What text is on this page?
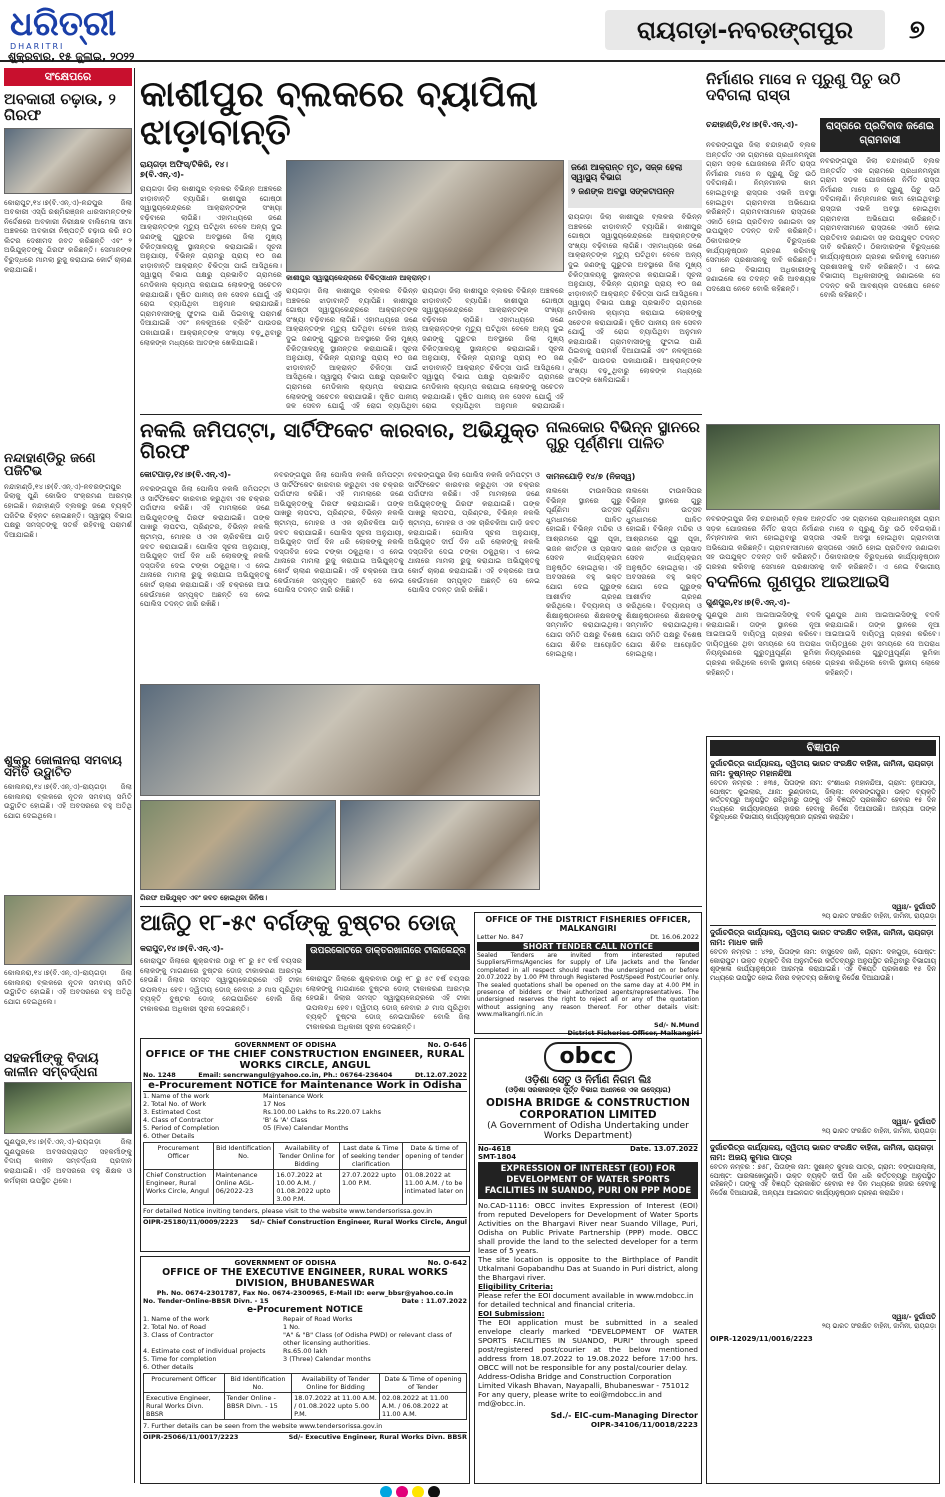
ଧରିତ୍ରୀ
DHARITRI
ଶୁକ୍ରବାର, ୧୫ ଜୁଲାଇ, ୨୦୨୨
ରାୟଗଡ଼ା-ନବରଙ୍ଗପୁର	୭
ସଂକ୍ଷେପରେ
ଅବକାରୀ ଚଢ଼ାଉ, ୨ ଗିରଫ
କୋରାପୁଟ,୧୪।୭(ବି.ଏନ୍.ଏ)-ନନ୍ଦପୁର ଜିଲା ଅବକାରୀ ଏସ୍‌ପି ରଶ୍ମିରଞ୍ଜନ ଧାରସାମନ୍ତଙ୍କ ନିର୍ଦ୍ଦେଶରେ ଅବକାରୀ ନିରୀକ୍ଷକ ବାଲିମେଳା ସୀମା ଅଞ୍ଚଳରେ ଅବକାରୀ ନିଷ୍ପତ୍ତି ଚଢ଼ାଉ କରି ୫୦ ଲିଟର ଦେଶୀମଦ ଜବତ କରିଛନ୍ତି ଏବଂ ୨ ଅଭିଯୁକ୍ତଙ୍କୁ ଗିରଫ କରିଛନ୍ତି। ସେମାନଙ୍କ ବିରୁଦ୍ଧରେ ମାମଲା ରୁଜୁ କରାଯାଇ କୋର୍ଟ ଚାଲାଣ କରାଯାଇଛି।
ନନ୍ଦାହାଣ୍ଡିରୁ ଜଣେ ପଜିଟିଭ
ନନ୍ଦାହାଣ୍ଡି,୧୪।୭(ବି.ଏନ୍.ଏ)-ନବରଙ୍ଗପୁର ଜିଲାକୁ ପୁଣି କୋଭିଡ ସଂକ୍ରମଣ ଆରମ୍ଭ ହୋଇଛି। ନନ୍ଦାହାଣ୍ଡି ବ୍ଲକରୁ ଜଣେ ବ୍ୟକ୍ତି ପଜିଟିଭ ଚିହ୍ନଟ ହୋଇଛନ୍ତି। ସ୍ୱାସ୍ଥ୍ୟ ବିଭାଗ ପକ୍ଷରୁ ସମସ୍ତଙ୍କୁ ସତର୍କ ରହିବାକୁ ପରାମର୍ଶ ଦିଆଯାଇଛି।
ଶୁକ୍ରୁ ଜୋଳାନରା ସମବାୟ ସମିତି ଉଦ୍ଘାଟିତ
କୋଲନରା,୧୪।୭(ବି.ଏନ୍.ଏ)-ରାୟଗଡ଼ା ଜିଲା କୋଲନରା ବ୍ଲକରେ ନୂତନ ସମବାୟ ସମିତି ଉଦ୍ଘାଟିତ ହୋଇଛି। ଏହି ଅବସରରେ ବହୁ ଅତିଥି ଯୋଗ ଦେଇଥିଲେ।
କୋଲନରା,୧୪।୭(ବି.ଏନ୍.ଏ)-ରାୟଗଡ଼ା ଜିଲା କୋଲନରା ବ୍ଲକରେ ନୂତନ ସମବାୟ ସମିତି ଉଦ୍ଘାଟିତ ହୋଇଛି। ଏହି ଅବସରରେ ବହୁ ଅତିଥି ଯୋଗ ଦେଇଥିଲେ।
ସହକର୍ମୀଙ୍କୁ ବିଦାୟ କାଳୀନ ସମ୍ବର୍ଦ୍ଧନା
ଗୁଣପୁର,୧୪।୭(ବି.ଏନ୍.ଏ)-ରାୟଗଡ଼ା ଜିଲା ଗୁଣପୁରରେ ଅବସରପ୍ରାପ୍ତ ସହକର୍ମୀଙ୍କୁ ବିଦାୟ କାଳୀନ ସମ୍ବର୍ଦ୍ଧନା ପ୍ରଦାନ କରାଯାଇଛି। ଏହି ଅବସରରେ ବହୁ ଶିକ୍ଷକ ଓ କର୍ମଚାରୀ ଉପସ୍ଥିତ ଥିଲେ।
କାଶୀପୁର ବ୍ଲକରେ ବ୍ୟାପିଲା ଝାଡ଼ାବାନ୍ତି
ରାୟଗଡ଼ା ଅଫିସ୍/ଟିକିରି, ୧୪।୭(ବି.ଏନ୍.ଏ)-
ରାୟଗଡ଼ା ଜିଲା କାଶୀପୁର ବ୍ଲକର ବିଭିନ୍ନ ଅଞ୍ଚଳରେ ଝାଡ଼ାବାନ୍ତି ବ୍ୟାପିଛି। କାଶୀପୁର ଗୋଷ୍ଠୀ ସ୍ୱାସ୍ଥ୍ୟକେନ୍ଦ୍ରରେ ଆକ୍ରାନ୍ତଙ୍କ ସଂଖ୍ୟା ବଢ଼ିବାରେ ଲାଗିଛି। ଏହାମଧ୍ୟରେ ଜଣେ ଆକ୍ରାନ୍ତଙ୍କ ମୃତ୍ୟୁ ଘଟିଥିବା ବେଳେ ଅନ୍ୟ ଦୁଇ ଜଣଙ୍କୁ ଗୁରୁତର ଅବସ୍ଥାରେ ଜିଲା ମୁଖ୍ୟ ଚିକିତ୍ସାଳୟକୁ ସ୍ଥାନାନ୍ତର କରାଯାଇଛି। ସୂଚନା ଅନୁଯାୟୀ, ବିଭିନ୍ନ ଗ୍ରାମରୁ ପ୍ରାୟ ୧୦ ଜଣ ଝାଡ଼ାବାନ୍ତି ଆକ୍ରାନ୍ତ ଚିକିତ୍ସା ପାଇଁ ଆସିଥିଲେ। ସ୍ୱାସ୍ଥ୍ୟ ବିଭାଗ ପକ୍ଷରୁ ପ୍ରଭାବିତ ଗ୍ରାମରେ ମେଡିକାଲ କ୍ୟାମ୍ପ କରାଯାଇ ଲୋକଙ୍କୁ ସଚେତନ କରାଯାଉଛି। ଦୂଷିତ ପାନୀୟ ଜଳ ସେବନ ଯୋଗୁଁ ଏହି ରୋଗ ବ୍ୟାପିଥିବା ଅନୁମାନ କରାଯାଉଛି। ଗ୍ରାମବାସୀଙ୍କୁ ଫୁଟାଇ ପାଣି ପିଇବାକୁ ପରାମର୍ଶ ଦିଆଯାଇଛି ଏବଂ ନଳକୂଅରେ ବ୍ଲିଚିଂ ପାଉଡର ପକାଯାଉଛି। ଆକ୍ରାନ୍ତଙ୍କ ସଂଖ୍ୟା ବଢ଼ୁଥିବାରୁ ଲୋକଙ୍କ ମଧ୍ୟରେ ଆତଙ୍କ ଖେଳିଯାଇଛି।
କାଶୀପୁର ସ୍ୱାସ୍ଥ୍ୟକେନ୍ଦ୍ରରେ ଚିକିତ୍ସାଧୀନ ଆକ୍ରାନ୍ତ।
ଜଣେ ଆକ୍ରାନ୍ତ ମୃତ, ସଜ୍ଜ ହେଲା ସ୍ୱାସ୍ଥ୍ୟ ବିଭାଗ
୨ ଜଣଙ୍କ ଅବସ୍ଥା ସଙ୍କଟାପନ୍ନ
ରାୟଗଡ଼ା ଜିଲା କାଶୀପୁର ବ୍ଲକର ବିଭିନ୍ନ ଅଞ୍ଚଳରେ ଝାଡ଼ାବାନ୍ତି ବ୍ୟାପିଛି। କାଶୀପୁର ଗୋଷ୍ଠୀ ସ୍ୱାସ୍ଥ୍ୟକେନ୍ଦ୍ରରେ ଆକ୍ରାନ୍ତଙ୍କ ସଂଖ୍ୟା ବଢ଼ିବାରେ ଲାଗିଛି। ଏହାମଧ୍ୟରେ ଜଣେ ଆକ୍ରାନ୍ତଙ୍କ ମୃତ୍ୟୁ ଘଟିଥିବା ବେଳେ ଅନ୍ୟ ଦୁଇ ଜଣଙ୍କୁ ଗୁରୁତର ଅବସ୍ଥାରେ ଜିଲା ମୁଖ୍ୟ ଚିକିତ୍ସାଳୟକୁ ସ୍ଥାନାନ୍ତର କରାଯାଇଛି। ସୂଚନା ଅନୁଯାୟୀ, ବିଭିନ୍ନ ଗ୍ରାମରୁ ପ୍ରାୟ ୧୦ ଜଣ ଝାଡ଼ାବାନ୍ତି ଆକ୍ରାନ୍ତ ଚିକିତ୍ସା ପାଇଁ ଆସିଥିଲେ। ସ୍ୱାସ୍ଥ୍ୟ ବିଭାଗ ପକ୍ଷରୁ ପ୍ରଭାବିତ ଗ୍ରାମରେ ମେଡିକାଲ କ୍ୟାମ୍ପ କରାଯାଇ ଲୋକଙ୍କୁ ସଚେତନ କରାଯାଉଛି। ଦୂଷିତ ପାନୀୟ ଜଳ ସେବନ ଯୋଗୁଁ ଏହି ରୋଗ ବ୍ୟାପିଥିବା
ରାୟଗଡ଼ା ଜିଲା କାଶୀପୁର ବ୍ଲକର ବିଭିନ୍ନ ଅଞ୍ଚଳରେ ଝାଡ଼ାବାନ୍ତି ବ୍ୟାପିଛି। କାଶୀପୁର ଗୋଷ୍ଠୀ ସ୍ୱାସ୍ଥ୍ୟକେନ୍ଦ୍ରରେ ଆକ୍ରାନ୍ତଙ୍କ ସଂଖ୍ୟା ବଢ଼ିବାରେ ଲାଗିଛି। ଏହାମଧ୍ୟରେ ଜଣେ ଆକ୍ରାନ୍ତଙ୍କ ମୃତ୍ୟୁ ଘଟିଥିବା ବେଳେ ଅନ୍ୟ ଦୁଇ ଜଣଙ୍କୁ ଗୁରୁତର ଅବସ୍ଥାରେ ଜିଲା ମୁଖ୍ୟ ଚିକିତ୍ସାଳୟକୁ ସ୍ଥାନାନ୍ତର କରାଯାଇଛି। ସୂଚନା ଅନୁଯାୟୀ, ବିଭିନ୍ନ ଗ୍ରାମରୁ ପ୍ରାୟ ୧୦ ଜଣ ଝାଡ଼ାବାନ୍ତି ଆକ୍ରାନ୍ତ ଚିକିତ୍ସା ପାଇଁ ଆସିଥିଲେ। ସ୍ୱାସ୍ଥ୍ୟ ବିଭାଗ ପକ୍ଷରୁ ପ୍ରଭାବିତ ଗ୍ରାମରେ ମେଡିକାଲ କ୍ୟାମ୍ପ କରାଯାଇ ଲୋକଙ୍କୁ ସଚେତନ କରାଯାଉଛି। ଦୂଷିତ ପାନୀୟ ଜଳ ସେବନ ଯୋଗୁଁ ଏହି ରୋଗ ବ୍ୟାପିଥିବା ଅନୁମାନ କରାଯାଉଛି।
ରାୟଗଡ଼ା ଜିଲା କାଶୀପୁର ବ୍ଲକର ବିଭିନ୍ନ ଅଞ୍ଚଳରେ ଝାଡ଼ାବାନ୍ତି ବ୍ୟାପିଛି। କାଶୀପୁର ଗୋଷ୍ଠୀ ସ୍ୱାସ୍ଥ୍ୟକେନ୍ଦ୍ରରେ ଆକ୍ରାନ୍ତଙ୍କ ସଂଖ୍ୟା ବଢ଼ିବାରେ ଲାଗିଛି। ଏହାମଧ୍ୟରେ ଜଣେ ଆକ୍ରାନ୍ତଙ୍କ ମୃତ୍ୟୁ ଘଟିଥିବା ବେଳେ ଅନ୍ୟ ଦୁଇ ଜଣଙ୍କୁ ଗୁରୁତର ଅବସ୍ଥାରେ ଜିଲା ମୁଖ୍ୟ ଚିକିତ୍ସାଳୟକୁ ସ୍ଥାନାନ୍ତର କରାଯାଇଛି। ସୂଚନା ଅନୁଯାୟୀ, ବିଭିନ୍ନ ଗ୍ରାମରୁ ପ୍ରାୟ ୧୦ ଜଣ ଝାଡ଼ାବାନ୍ତି ଆକ୍ରାନ୍ତ ଚିକିତ୍ସା ପାଇଁ ଆସିଥିଲେ। ସ୍ୱାସ୍ଥ୍ୟ ବିଭାଗ ପକ୍ଷରୁ ପ୍ରଭାବିତ ଗ୍ରାମରେ ମେଡିକାଲ କ୍ୟାମ୍ପ କରାଯାଇ ଲୋକଙ୍କୁ ସଚେତନ କରାଯାଉଛି। ଦୂଷିତ ପାନୀୟ ଜଳ ସେବନ ଯୋଗୁଁ ଏହି ରୋଗ ବ୍ୟାପିଥିବା ଅନୁମାନ କରାଯାଉଛି। ଗ୍ରାମବାସୀଙ୍କୁ ଫୁଟାଇ ପାଣି ପିଇବାକୁ ପରାମର୍ଶ ଦିଆଯାଇଛି ଏବଂ ନଳକୂଅରେ ବ୍ଲିଚିଂ ପାଉଡର ପକାଯାଉଛି। ଆକ୍ରାନ୍ତଙ୍କ ସଂଖ୍ୟା ବଢ଼ୁଥିବାରୁ ଲୋକଙ୍କ ମଧ୍ୟରେ ଆତଙ୍କ ଖେଳିଯାଇଛି।
ନିର୍ମାଣର ମାସେ ନ ପୂରୁଣୁ ପିଚୁ ଉଠି ଦବିଗଲା ରାସ୍ତା
ଚନ୍ଦାହାଣ୍ଡି,୧୪।୭(ବି.ଏନ୍.ଏ)-	ରାସ୍ତାରେ ପ୍ରତିବାଦ ଜଣେଇ ଗ୍ରାମବାସୀ
ନବରଙ୍ଗପୁର ଜିଲା ଚନ୍ଦାହାଣ୍ଡି ବ୍ଲକ ଅନ୍ତର୍ଗତ ଏକ ଗ୍ରାମରେ ପ୍ରଧାନମନ୍ତ୍ରୀ ଗ୍ରାମ ସଡ଼କ ଯୋଜନାରେ ନିର୍ମିତ ରାସ୍ତା ନିର୍ମାଣର ମାସେ ନ ପୂରୁଣୁ ପିଚୁ ଉଠି ଦବିଗଲାଣି। ନିମ୍ନମାନର କାମ ହୋଇଥିବାରୁ ରାସ୍ତାର ଏଭଳି ଅବସ୍ଥା ହୋଇଥିବା ଗ୍ରାମବାସୀ ଅଭିଯୋଗ କରିଛନ୍ତି। ଗ୍ରାମବାସୀମାନେ ରାସ୍ତାରେ ଏକାଠି ହୋଇ ପ୍ରତିବାଦ ଜଣାଇବା ସହ ଉପଯୁକ୍ତ ତଦନ୍ତ ଦାବି କରିଛନ୍ତି। ଠିକାଦାରଙ୍କ ବିରୁଦ୍ଧରେ କାର୍ଯ୍ୟାନୁଷ୍ଠାନ ଗ୍ରହଣ କରିବାକୁ ସେମାନେ ପ୍ରଶାସନକୁ ଦାବି କରିଛନ୍ତି। ଏ ନେଇ ବିଭାଗୀୟ ଅଧିକାରୀଙ୍କୁ ଜଣାଇଲେ ସେ ତଦନ୍ତ କରି ଆବଶ୍ୟକ ପଦକ୍ଷେପ ନେବେ ବୋଲି କହିଛନ୍ତି।
ନବରଙ୍ଗପୁର ଜିଲା ଚନ୍ଦାହାଣ୍ଡି ବ୍ଲକ ଅନ୍ତର୍ଗତ ଏକ ଗ୍ରାମରେ ପ୍ରଧାନମନ୍ତ୍ରୀ ଗ୍ରାମ ସଡ଼କ ଯୋଜନାରେ ନିର୍ମିତ ରାସ୍ତା ନିର୍ମାଣର ମାସେ ନ ପୂରୁଣୁ ପିଚୁ ଉଠି ଦବିଗଲାଣି। ନିମ୍ନମାନର କାମ ହୋଇଥିବାରୁ ରାସ୍ତାର ଏଭଳି ଅବସ୍ଥା ହୋଇଥିବା ଗ୍ରାମବାସୀ ଅଭିଯୋଗ କରିଛନ୍ତି। ଗ୍ରାମବାସୀମାନେ ରାସ୍ତାରେ ଏକାଠି ହୋଇ ପ୍ରତିବାଦ ଜଣାଇବା ସହ ଉପଯୁକ୍ତ ତଦନ୍ତ ଦାବି କରିଛନ୍ତି। ଠିକାଦାରଙ୍କ ବିରୁଦ୍ଧରେ କାର୍ଯ୍ୟାନୁଷ୍ଠାନ ଗ୍ରହଣ କରିବାକୁ ସେମାନେ ପ୍ରଶାସନକୁ ଦାବି କରିଛନ୍ତି। ଏ ନେଇ ବିଭାଗୀୟ ଅଧିକାରୀଙ୍କୁ ଜଣାଇଲେ ସେ ତଦନ୍ତ କରି ଆବଶ୍ୟକ ପଦକ୍ଷେପ ନେବେ ବୋଲି କହିଛନ୍ତି।
ନକଲି ଜମିପଟ୍ଟା, ସାର୍ଟିଫିକେଟ କାରବାର, ଅଭିଯୁକ୍ତ ଗିରଫ
କୋଟପାଡ଼,୧୪।୭(ବି.ଏନ୍.ଏ)-
ନବରଙ୍ଗପୁର ଜିଲା ପୋଲିସ ନକଲି ଜମିପଟ୍ଟା ଓ ସାର୍ଟିଫିକେଟ କାରବାର କରୁଥିବା ଏକ ଚକ୍ରର ପର୍ଦ୍ଦାଫାସ କରିଛି। ଏହି ମାମଲାରେ ଜଣେ ଅଭିଯୁକ୍ତଙ୍କୁ ଗିରଫ କରାଯାଇଛି। ତାଙ୍କ ପାଖରୁ ଲାପଟପ, ପ୍ରିଣ୍ଟର, ବିଭିନ୍ନ ନକଲି ଷ୍ଟାମ୍ପ, ମୋହର ଓ ଏକ ଚାରିଚକିଆ ଗାଡ଼ି ଜବତ କରାଯାଇଛି। ପୋଲିସ ସୂଚନା ଅନୁଯାୟୀ, ଅଭିଯୁକ୍ତ ଦୀର୍ଘ ଦିନ ଧରି ଲୋକଙ୍କୁ ନକଲି ଦସ୍ତାବିଜ ଦେଇ ଟଙ୍କା ଠକୁଥିଲା। ଏ ନେଇ ଥାନାରେ ମାମଲା ରୁଜୁ କରାଯାଇ ଅଭିଯୁକ୍ତକୁ କୋର୍ଟ ଚାଲାଣ କରାଯାଇଛି। ଏହି ଚକ୍ରରେ ଆଉ କେଉଁମାନେ ସମ୍ପୃକ୍ତ ଅଛନ୍ତି ସେ ନେଇ ପୋଲିସ ତଦନ୍ତ ଜାରି ରଖିଛି।
ନବରଙ୍ଗପୁର ଜିଲା ପୋଲିସ ନକଲି ଜମିପଟ୍ଟା ଓ ସାର୍ଟିଫିକେଟ କାରବାର କରୁଥିବା ଏକ ଚକ୍ରର ପର୍ଦ୍ଦାଫାସ କରିଛି। ଏହି ମାମଲାରେ ଜଣେ ଅଭିଯୁକ୍ତଙ୍କୁ ଗିରଫ କରାଯାଇଛି। ତାଙ୍କ ପାଖରୁ ଲାପଟପ, ପ୍ରିଣ୍ଟର, ବିଭିନ୍ନ ନକଲି ଷ୍ଟାମ୍ପ, ମୋହର ଓ ଏକ ଚାରିଚକିଆ ଗାଡ଼ି ଜବତ କରାଯାଇଛି। ପୋଲିସ ସୂଚନା ଅନୁଯାୟୀ, ଅଭିଯୁକ୍ତ ଦୀର୍ଘ ଦିନ ଧରି ଲୋକଙ୍କୁ ନକଲି ଦସ୍ତାବିଜ ଦେଇ ଟଙ୍କା ଠକୁଥିଲା। ଏ ନେଇ ଥାନାରେ ମାମଲା ରୁଜୁ କରାଯାଇ ଅଭିଯୁକ୍ତକୁ କୋର୍ଟ ଚାଲାଣ କରାଯାଇଛି। ଏହି ଚକ୍ରରେ ଆଉ କେଉଁମାନେ ସମ୍ପୃକ୍ତ ଅଛନ୍ତି ସେ ନେଇ ପୋଲିସ ତଦନ୍ତ ଜାରି ରଖିଛି।
ନବରଙ୍ଗପୁର ଜିଲା ପୋଲିସ ନକଲି ଜମିପଟ୍ଟା ଓ ସାର୍ଟିଫିକେଟ କାରବାର କରୁଥିବା ଏକ ଚକ୍ରର ପର୍ଦ୍ଦାଫାସ କରିଛି। ଏହି ମାମଲାରେ ଜଣେ ଅଭିଯୁକ୍ତଙ୍କୁ ଗିରଫ କରାଯାଇଛି। ତାଙ୍କ ପାଖରୁ ଲାପଟପ, ପ୍ରିଣ୍ଟର, ବିଭିନ୍ନ ନକଲି ଷ୍ଟାମ୍ପ, ମୋହର ଓ ଏକ ଚାରିଚକିଆ ଗାଡ଼ି ଜବତ କରାଯାଇଛି। ପୋଲିସ ସୂଚନା ଅନୁଯାୟୀ, ଅଭିଯୁକ୍ତ ଦୀର୍ଘ ଦିନ ଧରି ଲୋକଙ୍କୁ ନକଲି ଦସ୍ତାବିଜ ଦେଇ ଟଙ୍କା ଠକୁଥିଲା। ଏ ନେଇ ଥାନାରେ ମାମଲା ରୁଜୁ କରାଯାଇ ଅଭିଯୁକ୍ତକୁ କୋର୍ଟ ଚାଲାଣ କରାଯାଇଛି। ଏହି ଚକ୍ରରେ ଆଉ କେଉଁମାନେ ସମ୍ପୃକ୍ତ ଅଛନ୍ତି ସେ ନେଇ ପୋଲିସ ତଦନ୍ତ ଜାରି ରଖିଛି।
ଗିରଫ ଅଭିଯୁକ୍ତ ଏବଂ ଜବତ ହୋଇଥିବା ଜିନିଷ।
ନାଲକୋର ବିଭିନ୍ନ ସ୍ଥାନରେ ଗୁରୁ ପୂର୍ଣ୍ଣିମା ପାଳିତ
ଦାମନଯୋଡ଼ି ୧୪/୭ (ନିଜସ୍ୱ)
ନାଲକୋ ଟାଉନସିପର ବିଭିନ୍ନ ସ୍ଥାନରେ ଗୁରୁ ପୂର୍ଣ୍ଣିମା ଉତ୍ସବ ଧୁମଧାମରେ ପାଳିତ ହୋଇଛି। ବିଭିନ୍ନ ମନ୍ଦିର ଓ ଆଶ୍ରମରେ ଗୁରୁ ପୂଜା, ଭଜନ କୀର୍ତ୍ତନ ଓ ପ୍ରସାଦ ସେବନ କାର୍ଯ୍ୟକ୍ରମ ଅନୁଷ୍ଠିତ ହୋଇଥିଲା। ଏହି ଅବସରରେ ବହୁ ଭକ୍ତ ଯୋଗ ଦେଇ ଗୁରୁଙ୍କ ଆଶୀର୍ବାଦ ଗ୍ରହଣ କରିଥିଲେ। ବିଦ୍ୟାଳୟ ଓ ଶିକ୍ଷାନୁଷ୍ଠାନରେ ଶିକ୍ଷକଙ୍କୁ ସମ୍ମାନିତ କରାଯାଇଥିଲା। ଯୋଗ ସମିତି ପକ୍ଷରୁ ବିଶେଷ ଯୋଗ ଶିବିର ଆୟୋଜିତ ହୋଇଥିଲା।
ନାଲକୋ ଟାଉନସିପର ବିଭିନ୍ନ ସ୍ଥାନରେ ଗୁରୁ ପୂର୍ଣ୍ଣିମା ଉତ୍ସବ ଧୁମଧାମରେ ପାଳିତ ହୋଇଛି। ବିଭିନ୍ନ ମନ୍ଦିର ଓ ଆଶ୍ରମରେ ଗୁରୁ ପୂଜା, ଭଜନ କୀର୍ତ୍ତନ ଓ ପ୍ରସାଦ ସେବନ କାର୍ଯ୍ୟକ୍ରମ ଅନୁଷ୍ଠିତ ହୋଇଥିଲା। ଏହି ଅବସରରେ ବହୁ ଭକ୍ତ ଯୋଗ ଦେଇ ଗୁରୁଙ୍କ ଆଶୀର୍ବାଦ ଗ୍ରହଣ କରିଥିଲେ। ବିଦ୍ୟାଳୟ ଓ ଶିକ୍ଷାନୁଷ୍ଠାନରେ ଶିକ୍ଷକଙ୍କୁ ସମ୍ମାନିତ କରାଯାଇଥିଲା। ଯୋଗ ସମିତି ପକ୍ଷରୁ ବିଶେଷ ଯୋଗ ଶିବିର ଆୟୋଜିତ ହୋଇଥିଲା।
ନବରଙ୍ଗପୁର ଜିଲା ଚନ୍ଦାହାଣ୍ଡି ବ୍ଲକ ଅନ୍ତର୍ଗତ ଏକ ଗ୍ରାମରେ ପ୍ରଧାନମନ୍ତ୍ରୀ ଗ୍ରାମ ସଡ଼କ ଯୋଜନାରେ ନିର୍ମିତ ରାସ୍ତା ନିର୍ମାଣର ମାସେ ନ ପୂରୁଣୁ ପିଚୁ ଉଠି ଦବିଗଲାଣି। ନିମ୍ନମାନର କାମ ହୋଇଥିବାରୁ ରାସ୍ତାର ଏଭଳି ଅବସ୍ଥା ହୋଇଥିବା ଗ୍ରାମବାସୀ ଅଭିଯୋଗ କରିଛନ୍ତି। ଗ୍ରାମବାସୀମାନେ ରାସ୍ତାରେ ଏକାଠି ହୋଇ ପ୍ରତିବାଦ ଜଣାଇବା ସହ ଉପଯୁକ୍ତ ତଦନ୍ତ ଦାବି କରିଛନ୍ତି। ଠିକାଦାରଙ୍କ ବିରୁଦ୍ଧରେ କାର୍ଯ୍ୟାନୁଷ୍ଠାନ ଗ୍ରହଣ କରିବାକୁ ସେମାନେ ପ୍ରଶାସନକୁ ଦାବି କରିଛନ୍ତି। ଏ ନେଇ ବିଭାଗୀୟ
ବଦଳିଲେ ଗୁଣପୁର ଆଇଆଇସି
ଗୁଣପୁର,୧୪।୭(ବି.ଏନ୍.ଏ)-
ଗୁଣପୁର ଥାନା ଆଇଆଇସିଙ୍କୁ ବଦଳି କରାଯାଇଛି। ତାଙ୍କ ସ୍ଥାନରେ ନୂଆ ଆଇଆଇସି ଦାୟିତ୍ୱ ଗ୍ରହଣ କରିବେ। ଦାୟିତ୍ୱରେ ଥିବା ସମୟରେ ସେ ଅପରାଧ ନିୟନ୍ତ୍ରଣରେ ଗୁରୁତ୍ୱପୂର୍ଣ୍ଣ ଭୂମିକା ଗ୍ରହଣ କରିଥିଲେ ବୋଲି ସ୍ଥାନୀୟ ଲୋକେ କହିଛନ୍ତି।
ଗୁଣପୁର ଥାନା ଆଇଆଇସିଙ୍କୁ ବଦଳି କରାଯାଇଛି। ତାଙ୍କ ସ୍ଥାନରେ ନୂଆ ଆଇଆଇସି ଦାୟିତ୍ୱ ଗ୍ରହଣ କରିବେ। ଦାୟିତ୍ୱରେ ଥିବା ସମୟରେ ସେ ଅପରାଧ ନିୟନ୍ତ୍ରଣରେ ଗୁରୁତ୍ୱପୂର୍ଣ୍ଣ ଭୂମିକା ଗ୍ରହଣ କରିଥିଲେ ବୋଲି ସ୍ଥାନୀୟ ଲୋକେ କହିଛନ୍ତି।
ଆଜିଠୁ ୧୮-୫୯ ବର୍ଗଙ୍କୁ ବୁଷ୍ଟର ଡୋଜ୍
କରାପୁଟ,୧୪।୭(ବି.ଏନ୍.ଏ)-
କୋରାପୁଟ ଜିଲାରେ ଶୁକ୍ରବାର ଠାରୁ ୧୮ ରୁ ୫୯ ବର୍ଷ ବୟସର ଲୋକଙ୍କୁ ମାଗଣାରେ ବୁଷ୍ଟର ଡୋଜ୍ ଟୀକାକରଣ ଆରମ୍ଭ ହେଉଛି। ଜିଲାର ସମସ୍ତ ସ୍ୱାସ୍ଥ୍ୟକେନ୍ଦ୍ରରେ ଏହି ଟୀକା ଉପଲବ୍ଧ ହେବ। ଦ୍ୱିତୀୟ ଡୋଜ୍ ନେବାର ୬ ମାସ ପୂରିଥିବା ବ୍ୟକ୍ତି ବୁଷ୍ଟର ଡୋଜ୍ ନେଇପାରିବେ ବୋଲି ଜିଲା ଟୀକାକରଣ ଅଧିକାରୀ ସୂଚନା ଦେଇଛନ୍ତି।
ଉପରକୋଟରେ ଡାକ୍ତରଖାନାରେ ଟୀକାକେନ୍ଦ୍ର
କୋରାପୁଟ ଜିଲାରେ ଶୁକ୍ରବାର ଠାରୁ ୧୮ ରୁ ୫୯ ବର୍ଷ ବୟସର ଲୋକଙ୍କୁ ମାଗଣାରେ ବୁଷ୍ଟର ଡୋଜ୍ ଟୀକାକରଣ ଆରମ୍ଭ ହେଉଛି। ଜିଲାର ସମସ୍ତ ସ୍ୱାସ୍ଥ୍ୟକେନ୍ଦ୍ରରେ ଏହି ଟୀକା ଉପଲବ୍ଧ ହେବ। ଦ୍ୱିତୀୟ ଡୋଜ୍ ନେବାର ୬ ମାସ ପୂରିଥିବା ବ୍ୟକ୍ତି ବୁଷ୍ଟର ଡୋଜ୍ ନେଇପାରିବେ ବୋଲି ଜିଲା ଟୀକାକରଣ ଅଧିକାରୀ ସୂଚନା ଦେଇଛନ୍ତି।
OFFICE OF THE DISTRICT FISHERIES OFFICER, MALKANGIRI
Letter No. 847	Dt. 16.06.2022
SHORT TENDER CALL NOTICE
Sealed Tenders are invited from interested reputed Suppliers/Firms/Agencies for supply of Life Jackets and the Tender completed in all respect should reach the undersigned on or before 20.07.2022 by 1.00 PM through Registered Post/Speed Post/Courier only. The sealed quotations shall be opened on the same day at 4.00 PM in presence of bidders or their authorized agents/representatives. The undersigned reserves the right to reject all or any of the quotation without assigning any reason thereof. For other details visit: www.malkangiri.nic.in
Sd/- N.Mund
District Fisheries Officer, Malkangiri
GOVERNMENT OF ODISHA	No. O-646
OFFICE OF THE CHIEF CONSTRUCTION ENGINEER, RURAL WORKS CIRCLE, ANGUL
No. 1248	Email: sencrwangul@yahoo.co.in, Ph.: 06764-236404	Dt.12.07.2022
e-Procurement NOTICE for Maintenance Work in Odisha
1. Name of the work	Maintenance Work
2. Total No. of Work	17 Nos
3. Estimated Cost	Rs.100.00 Lakhs to Rs.220.07 Lakhs
4. Class of Contractor	'B' & 'A' Class
5. Period of Completion	05 (Five) Calendar Months
6. Other Details
Procurement Officer	Bid Identification No.	Availability of Tender Online for Bidding	Last date & Time of seeking tender clarification	Date & time of opening of tender
Chief Construction Engineer, Rural Works Circle, Angul	Maintenance Online AGL-06/2022-23	16.07.2022 at 10.00 A.M. / 01.08.2022 upto 3.00 P.M.	27.07.2022 upto 1.00 P.M.	01.08.2022 at 11.00 A.M. / to be intimated later on
For detailed Notice inviting tenders, please visit to the website www.tendersorissa.gov.in
OIPR-25180/11/0009/2223 Sd/- Chief Construction Engineer, Rural Works Circle, Angul
GOVERNMENT OF ODISHA	No. O-642
OFFICE OF THE EXECUTIVE ENGINEER, RURAL WORKS DIVISION, BHUBANESWAR
Ph. No. 0674-2301787, Fax No. 0674-2300965, E-Mail ID: eerw_bbsr@yahoo.co.in
No. Tender-Online-BBSR Divn. - 15	Date : 11.07.2022
e-Procurement NOTICE
1. Name of the work	Repair of Road Works
2. Total No. of Road	1 No.
3. Class of Contractor	"A" & "B" Class (of Odisha PWD) or relevant class of other licensing authorities.
4. Estimate cost of individual projects	Rs.65.00 lakh
5. Time for completion	3 (Three) Calendar months
6. Other details
Procurement Officer	Bid Identification No.	Availability of Tender Online for Bidding	Date & Time of opening of Tender
Executive Engineer, Rural Works Divn. BBSR	Tender Online - BBSR Divn. - 15	18.07.2022 at 11.00 A.M. / 01.08.2022 upto 5.00 P.M.	02.08.2022 at 11.00 A.M. / 06.08.2022 at 11.00 A.M.
7. Further details can be seen from the website www.tendersorissa.gov.in
OIPR-25066/11/0017/2223	Sd/- Executive Engineer, Rural Works Divn. BBSR
obcc
ଓଡ଼ିଶା ସେତୁ ଓ ନିର୍ମାଣ ନିଗମ ଲିଃ
(ଓଡ଼ିଶା ସରକାରଙ୍କ ପୂର୍ତ୍ତ ବିଭାଗ ଅଧୀନରେ ଏକ ଉଦ୍ୟୋଗ)
ODISHA BRIDGE & CONSTRUCTION CORPORATION LIMITED
(A Government of Odisha Undertaking under Works Department)
No-4618	Date. 13.07.2022
SMT-1804
EXPRESSION OF INTEREST (EOI) FOR DEVELOPMENT OF WATER SPORTS FACILITIES IN SUANDO, PURI ON PPP MODE
No.CAD-1116: OBCC invites Expression of Interest (EOI) from reputed Developers for Development of Water Sports Activities on the Bhargavi River near Suando Village, Puri, Odisha on Public Private Partnership (PPP) mode. OBCC shall provide the land to the selected developer for a term lease of 5 years.
The site location is opposite to the Birthplace of Pandit Utkalmani Gopabandhu Das at Suando in Puri district, along the Bhargavi river.
Eligibility Criteria:
Please refer the EOI document available in www.mdobcc.in for detailed technical and financial criteria.
EOI Submission:
The EOI application must be submitted in a sealed envelope clearly marked "DEVELOPMENT OF WATER SPORTS FACILITIES IN SUANDO, PURI" through speed post/registered post/courier at the below mentioned address from 18.07.2022 to 19.08.2022 before 17:00 hrs. OBCC will not be responsible for any postal/courier delay.
Address-Odisha Bridge and Construction Corporation Limited Vikash Bhavan, Nayapalli, Bhubaneswar - 751012
For any query, please write to eoi@mdobcc.in and md@obcc.in.
Sd./- EIC-cum-Managing Director
OIPR-34106/11/0018/2223
ବିଜ୍ଞାପନ
ଦୁର୍ଗାଚରିତ୍ର କାର୍ଯ୍ୟାଳୟ, ଦ୍ୱିତୀୟ ଭାରତ ସଂରକ୍ଷିତ ବାହିନୀ, ଜାମିନୀ, ରାୟଗଡ଼ା
ନାମ: ଦୁଷ୍ମନ୍ତ ମହାନନ୍ଦିଆ
ବେତନ ନମ୍ବର : ୫୩୫, ପିତାଙ୍କ ନାମ: ବଂଶୀଧର ମହାନନ୍ଦିଆ, ଗ୍ରାମ: ନୁଆପଡ଼ା, ପୋଷ୍ଟ: କୁଇଲାର, ଥାନା: ଭୁଣ୍ଡାବାଗ, ଜିଲ୍ଲା: ନବରଙ୍ଗପୁର। ଉକ୍ତ ବ୍ୟକ୍ତି କର୍ତ୍ତବ୍ୟରୁ ଅନୁପସ୍ଥିତ ରହିଥିବାରୁ ତାଙ୍କୁ ଏହି ବିଜ୍ଞପ୍ତି ପ୍ରକାଶିତ ହେବାର ୧୫ ଦିନ ମଧ୍ୟରେ କାର୍ଯ୍ୟାଳୟରେ ହାଜର ହେବାକୁ ନିର୍ଦ୍ଦେଶ ଦିଆଯାଉଛି। ଅନ୍ୟଥା ତାଙ୍କ ବିରୁଦ୍ଧରେ ବିଭାଗୀୟ କାର୍ଯ୍ୟାନୁଷ୍ଠାନ ଗ୍ରହଣ କରାଯିବ।
ସ୍ୱାଃ/- ଦୁର୍ଗାପତି
୨ୟ ଭାରତ ସଂରକ୍ଷିତ ବାହିନୀ, ଜାମିନୀ, ରାୟଗଡ଼ା
ଦୁର୍ଗାଚରିତ୍ର କାର୍ଯ୍ୟାଳୟ, ଦ୍ୱିତୀୟ ଭାରତ ସଂରକ୍ଷିତ ବାହିନୀ, ଜାମିନୀ, ରାୟଗଡ଼ା
ନାମ: ମାଧବ ଜାନି
ବେତନ ନମ୍ବର : ୪୨୭, ପିତାଙ୍କ ନାମ: ବାସୁଦେବ ଜାନି, ଗ୍ରାମ: ଦଳଗୁଡ଼ା, ପୋଷ୍ଟ: କୋରାପୁଟ। ଉକ୍ତ ବ୍ୟକ୍ତି ବିନା ଅନୁମତିରେ କର୍ତ୍ତବ୍ୟରୁ ଅନୁପସ୍ଥିତ ରହିଥିବାରୁ ବିଭାଗୀୟ ଶୃଙ୍ଖଳା କାର୍ଯ୍ୟାନୁଷ୍ଠାନ ଆରମ୍ଭ କରାଯାଇଛି। ଏହି ବିଜ୍ଞପ୍ତି ପ୍ରକାଶର ୧୫ ଦିନ ମଧ୍ୟରେ ଉପସ୍ଥିତ ହୋଇ ନିଜର ବକ୍ତବ୍ୟ ରଖିବାକୁ ନିର୍ଦ୍ଦେଶ ଦିଆଯାଉଛି।
ସ୍ୱାଃ/- ଦୁର୍ଗାପତି
୨ୟ ଭାରତ ସଂରକ୍ଷିତ ବାହିନୀ, ଜାମିନୀ, ରାୟଗଡ଼ା
ଦୁର୍ଗାଚରିତ୍ର କାର୍ଯ୍ୟାଳୟ, ଦ୍ୱିତୀୟ ଭାରତ ସଂରକ୍ଷିତ ବାହିନୀ, ଜାମିନୀ, ରାୟଗଡ଼ା
ନାମ: ଅଜୟ କୁମାର ପାତ୍ର
ବେତନ ନମ୍ବର : ୭୫୮, ପିତାଙ୍କ ନାମ: ସୁଶାନ୍ତ କୁମାର ପାତ୍ର, ଗ୍ରାମ: ବଙ୍ଗାପଲ୍ଲୀ, ପୋଷ୍ଟ: ପାରଳାଖେମୁଣ୍ଡି। ଉକ୍ତ ବ୍ୟକ୍ତି ଦୀର୍ଘ ଦିନ ଧରି କର୍ତ୍ତବ୍ୟରୁ ଅନୁପସ୍ଥିତ ରହିଛନ୍ତି। ତାଙ୍କୁ ଏହି ବିଜ୍ଞପ୍ତି ପ୍ରକାଶିତ ହେବାର ୧୫ ଦିନ ମଧ୍ୟରେ ହାଜର ହେବାକୁ ନିର୍ଦ୍ଦେଶ ଦିଆଯାଉଛି, ଅନ୍ୟଥା ଆଇନଗତ କାର୍ଯ୍ୟାନୁଷ୍ଠାନ ଗ୍ରହଣ କରାଯିବ।
ସ୍ୱାଃ/- ଦୁର୍ଗାପତି
୨ୟ ଭାରତ ସଂରକ୍ଷିତ ବାହିନୀ, ଜାମିନୀ, ରାୟଗଡ଼ା
OIPR-12029/11/0016/2223
